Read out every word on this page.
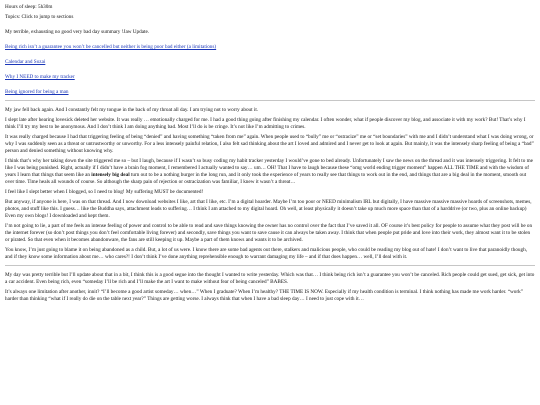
Hours of sleep: 5h30m
Topics: Click to jump to sections
My terrible, exhausting no good very bad day summary !Jaw Update.
Being rich isn’t a guarantee you won’t be cancelled but neither is being poor bad either (a limitations)
Calendar and Sozai
Why I NEED to make my tracker
Being ignored for being a man

My jaw fell back again. And I constantly felt my tongue in the back of my throat all day. I am trying not to worry about it.

I slept late after hearing lovesick deleted her website. It was really … emotionally charged for me. I had a good thing going after finishing my calendar. I often wonder, what if people discover my blog, and associate it with my work? But! That’s why I think I’ll try my best to be anonymous. And I don’t think I am doing anything bad. Most I’ll do is be cringe. It’s not like I’m admitting to crimes.

It was really charged because I had that triggering feeling of being “denied” and having something “taken from me” again. When people used to “bully” me or “ostracize” me or “set boundaries” with me and I didn’t understand what I was doing wrong, or why I was suddenly seen as a threat or untrustworthy or unworthy. For a less intensely painful relation, I also felt sad thinking about the art I loved and admired and I never get to look at again. But mainly, it was the intensely sharp feeling of being a “bad” person and denied something without knowing why.

I think that’s why her taking down the site triggered me so – but I laugh, because if I wasn’t so busy coding my habit tracker yesterday I would’ve gone to bed already. Unfortunately I saw the news on the thread and it was intensely triggering. It felt to me like I was being punished. Right, actually if I didn’t have a brain fog moment, I remembered I actually wanted to say… um… OH! That I have to laugh because these “omg world ending trigger moment” happen ALL THE TIME and with the wisdom of years I learn that things that seem like an intensely big deal turn out to be a nothing burger in the long run, and it only took the experience of years to really see that things to work out in the end, and things that are a big deal in the moment, smooth out over time. Time heals all wounds of course. So although the sharp pain of rejection or ostracization was familiar, I knew it wasn’t a threat…

I feel like I slept better when I blogged, so I need to blog! My suffering MUST be documented!

But anyway, if anyone is here, I was on that thread. And I now download websites I like, art that I like, etc. I’m a digital hoarder. Maybe I’m too poor or NEED minimalism IRL but digitally, I have massive massive massive hoards of screenshots, memes, photos, and stuff like this. I guess… like the Buddha says, attachment leads to suffering… I think I am attached to my digital hoard. Oh well, at least physically it doesn’t take up much more space than that of a harddrive (or two, plus an online backup) Even my own blogs! I downloaded and kept them.

I’m not going to lie, a part of me feels an intense feeling of power and control to be able to read and save things knowing the owner has no control over the fact that I’ve saved it all. OF course it’s best policy for people to assume what they post will be on the internet forever (so don’t post things you don’t feel comfortable living forever) and secondly, save things you want to save cause it can always be taken away. I think that when people put pride and love into their work, they almost want it to be stolen or pirated. So that even when it becomes abandonware, the fans are still keeping it up. Maybe a part of them knows and wants it to be archived.

You know, I’m just going to blame it on being abandoned as a child. But, a lot of us were. I know there are some bad agents out there, stalkers and malicious people, who could be reading my blog out of hate! I don’t want to live that paranoidly though, and if they know some information about me… who cares?! I don’t think I’ve done anything reprehensible enough to warrant damaging my life – and if that does happen… well, I’ll deal with it.

My day was pretty terrible but I’ll update about that in a bit, I think this is a good segue into the thought I wanted to write yesterday. Which was that… I think being rich isn’t a guarantee you won’t be canceled. Rich people could get sued, get sick, get into a car accident. Even being rich, even “someday I’ll be rich and I’ll make the art I want to make without fear of being canceled” BABES.

It’s always one limitation after another, innit? “I’ll become a good artist someday… when…” When I graduate? When I’m healthy? THE TIME IS NOW. Especially if my health condition is terminal. I think nothing has made me work harder. “work” harder than thinking “what if I really do die on the table next year?” Things are getting worse. I always think that when I have a bad sleep day… I need to just cope with it…
